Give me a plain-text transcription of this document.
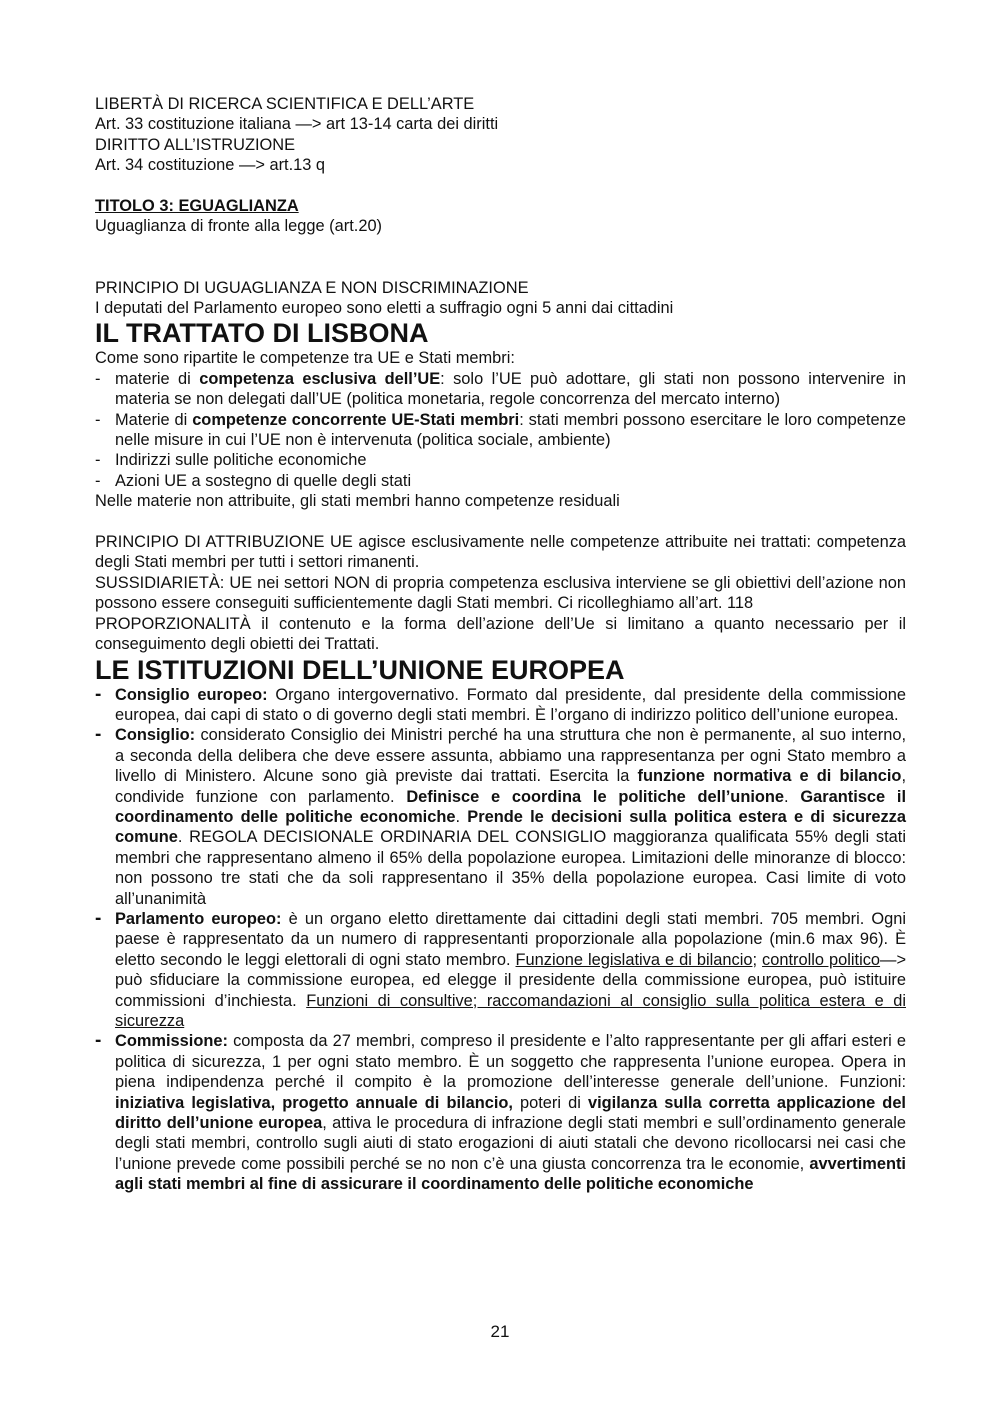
LIBERTÀ DI RICERCA SCIENTIFICA E DELL’ARTE

Art. 33 costituzione italiana —> art 13-14 carta dei diritti

DIRITTO ALL’ISTRUZIONE

Art. 34 costituzione —> art.13 q

TITOLO 3: EGUAGLIANZA

Uguaglianza di fronte alla legge (art.20)

PRINCIPIO DI UGUAGLIANZA E NON DISCRIMINAZIONE

I deputati del Parlamento europeo sono eletti a suffragio ogni 5 anni dai cittadini

IL TRATTATO DI LISBONA

Come sono ripartite le competenze tra UE e Stati membri:

- materie di competenza esclusiva dell’UE: solo l’UE può adottare, gli stati non possono intervenire in materia se non delegati dall’UE (politica monetaria, regole concorrenza del mercato interno)
- Materie di competenze concorrente UE-Stati membri: stati membri possono esercitare le loro competenze nelle misure in cui l’UE non è intervenuta (politica sociale, ambiente)
- Indirizzi sulle politiche economiche
- Azioni UE a sostegno di quelle degli stati

Nelle materie non attribuite, gli stati membri hanno competenze residuali

PRINCIPIO DI ATTRIBUZIONE UE agisce esclusivamente nelle competenze attribuite nei trattati: competenza degli Stati membri per tutti i settori rimanenti.

SUSSIDIARIETÀ: UE nei settori NON di propria competenza esclusiva interviene se gli obiettivi dell’azione non possono essere conseguiti sufficientemente dagli Stati membri. Ci ricolleghiamo all’art. 118

PROPORZIONALITÀ il contenuto e la forma dell’azione dell’Ue si limitano a quanto necessario per il conseguimento degli obietti dei Trattati.

LE ISTITUZIONI DELL’UNIONE EUROPEA
- Consiglio europeo: Organo intergovernativo. Formato dal presidente, dal presidente della commissione europea, dai capi di stato o di governo degli stati membri. È l’organo di indirizzo politico dell’unione europea.
- Consiglio: considerato Consiglio dei Ministri perché ha una struttura che non è permanente, al suo interno, a seconda della delibera che deve essere assunta, abbiamo una rappresentanza per ogni Stato membro a livello di Ministero. Alcune sono già previste dai trattati. Esercita la funzione normativa e di bilancio, condivide funzione con parlamento. Definisce e coordina le politiche dell’unione. Garantisce il coordinamento delle politiche economiche. Prende le decisioni sulla politica estera e di sicurezza comune. REGOLA DECISIONALE ORDINARIA DEL CONSIGLIO maggioranza qualificata 55% degli stati membri che rappresentano almeno il 65% della popolazione europea. Limitazioni delle minoranze di blocco: non possono tre stati che da soli rappresentano il 35% della popolazione europea. Casi limite di voto all’unanimità
- Parlamento europeo: è un organo eletto direttamente dai cittadini degli stati membri. 705 membri. Ogni paese è rappresentato da un numero di rappresentanti proporzionale alla popolazione (min.6 max 96). È eletto secondo le leggi elettorali di ogni stato membro. Funzione legislativa e di bilancio; controllo politico—> può sfiduciare la commissione europea, ed elegge il presidente della commissione europea, può istituire commissioni d’inchiesta. Funzioni di consultive; raccomandazioni al consiglio sulla politica estera e di sicurezza
- Commissione: composta da 27 membri, compreso il presidente e l’alto rappresentante per gli affari esteri e politica di sicurezza, 1 per ogni stato membro. È un soggetto che rappresenta l’unione europea. Opera in piena indipendenza perché il compito è la promozione dell’interesse generale dell’unione. Funzioni: iniziativa legislativa, progetto annuale di bilancio, poteri di vigilanza sulla corretta applicazione del diritto dell’unione europea, attiva le procedura di infrazione degli stati membri e sull’ordinamento generale degli stati membri, controllo sugli aiuti di stato erogazioni di aiuti statali che devono ricollocarsi nei casi che l’unione prevede come possibili perché se no non c’è una giusta concorrenza tra le economie, avvertimenti agli stati membri al fine di assicurare il coordinamento delle politiche economiche
21
